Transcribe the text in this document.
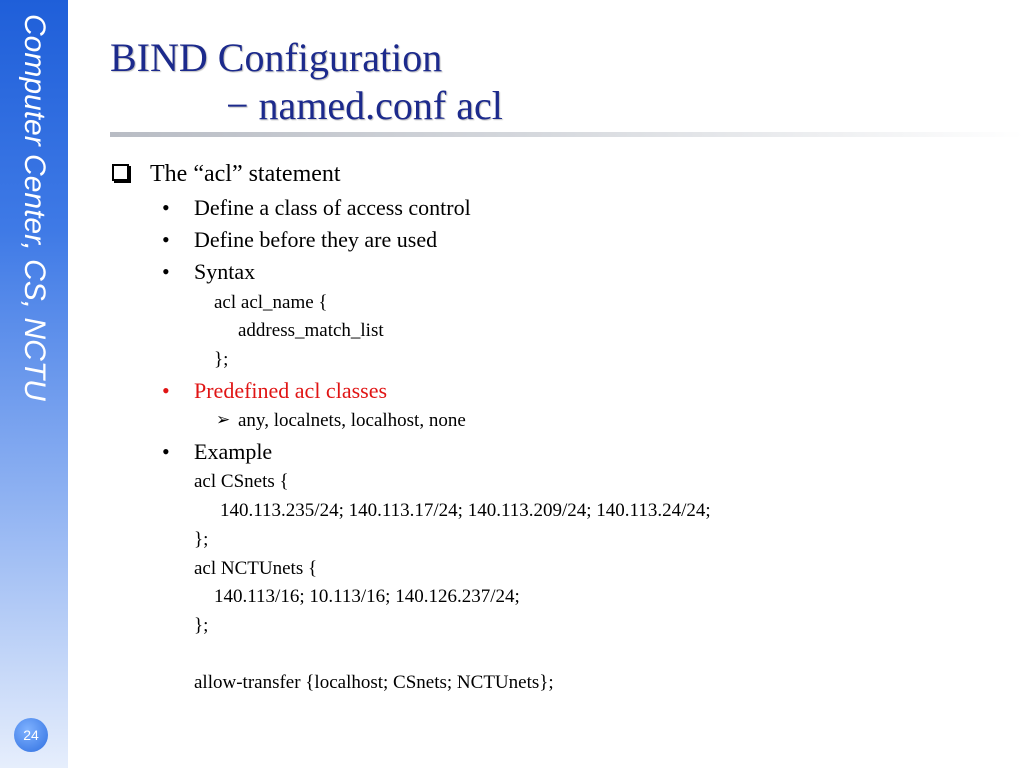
Computer Center, CS, NCTU
24
BIND Configuration
− named.conf acl
The “acl” statement
• Define a class of access control
• Define before they are used
• Syntax
acl acl_name {
address_match_list
};
• Predefined acl classes
➢ any, localnets, localhost, none
• Example
acl CSnets {
140.113.235/24; 140.113.17/24; 140.113.209/24; 140.113.24/24;
};
acl NCTUnets {
140.113/16; 10.113/16; 140.126.237/24;
};
allow-transfer {localhost; CSnets; NCTUnets};
